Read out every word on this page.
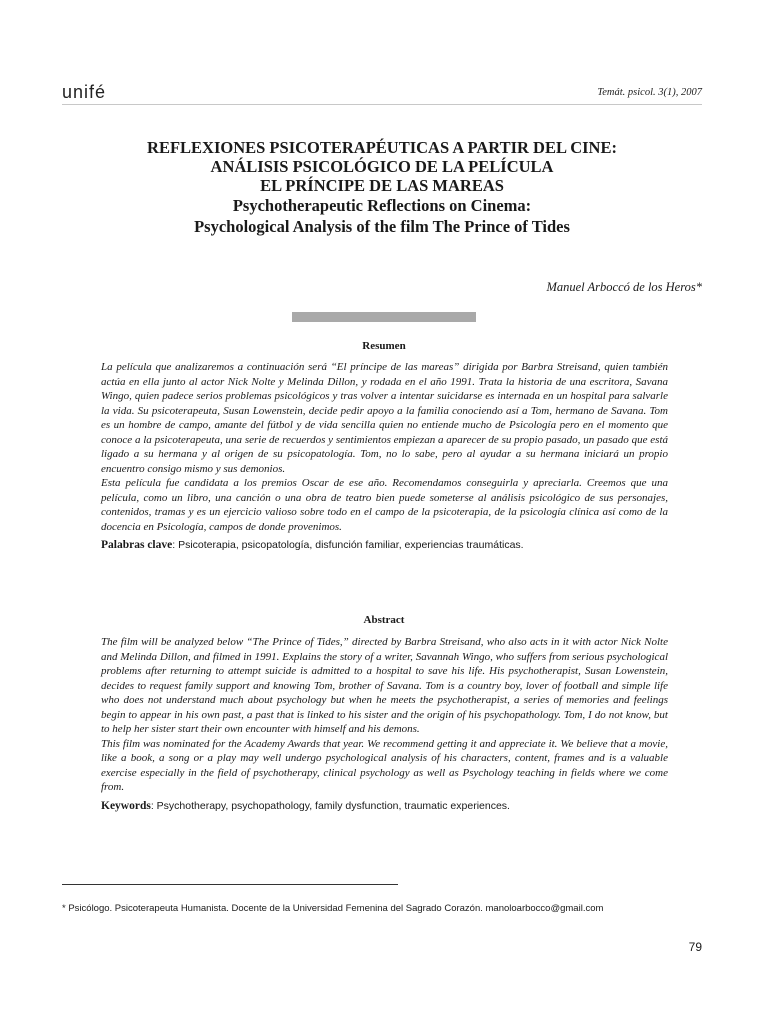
unifé	Temát. psicol. 3(1), 2007

REFLEXIONES PSICOTERAPÉUTICAS A PARTIR DEL CINE:

ANÁLISIS PSICOLÓGICO DE LA PELÍCULA

EL PRÍNCIPE DE LAS MAREAS

Psychotherapeutic Reflections on Cinema:

Psychological Analysis of the film The Prince of Tides

Manuel Arboccó de los Heros*
Resumen

La película que analizaremos a continuación será “El príncipe de las mareas” dirigida por Barbra Streisand, quien también actúa en ella junto al actor Nick Nolte y Melinda Dillon, y rodada en el año 1991. Trata la historia de una escritora, Savana Wingo, quien padece serios problemas psicológicos y tras volver a intentar suicidarse es internada en un hospital para salvarle la vida. Su psicoterapeuta, Susan Lowenstein, decide pedir apoyo a la familia conociendo así a Tom, hermano de Savana. Tom es un hombre de campo, amante del fútbol y de vida sencilla quien no entiende mucho de Psicología pero en el momento que conoce a la psicoterapeuta, una serie de recuerdos y sentimientos empiezan a aparecer de su propio pasado, un pasado que está ligado a su hermana y al origen de su psicopatología. Tom, no lo sabe, pero al ayudar a su hermana iniciará un propio encuentro consigo mismo y sus demonios.

Esta película fue candidata a los premios Oscar de ese año. Recomendamos conseguirla y apreciarla. Creemos que una película, como un libro, una canción o una obra de teatro bien puede someterse al análisis psicológico de sus personajes, contenidos, tramas y es un ejercicio valioso sobre todo en el campo de la psicoterapia, de la psicología clínica así como de la docencia en Psicología, campos de donde provenimos.

Palabras clave: Psicoterapia, psicopatología, disfunción familiar, experiencias traumáticas.
Abstract

The film will be analyzed below “The Prince of Tides,” directed by Barbra Streisand, who also acts in it with actor Nick Nolte and Melinda Dillon, and filmed in 1991. Explains the story of a writer, Savannah Wingo, who suffers from serious psychological problems after returning to attempt suicide is admitted to a hospital to save his life. His psychotherapist, Susan Lowenstein, decides to request family support and knowing Tom, brother of Savana. Tom is a country boy, lover of football and simple life who does not understand much about psychology but when he meets the psychotherapist, a series of memories and feelings begin to appear in his own past, a past that is linked to his sister and the origin of his psychopathology. Tom, I do not know, but to help her sister start their own encounter with himself and his demons.

This film was nominated for the Academy Awards that year. We recommend getting it and appreciate it. We believe that a movie, like a book, a song or a play may well undergo psychological analysis of his characters, content, frames and is a valuable exercise especially in the field of psychotherapy, clinical psychology as well as Psychology teaching in fields where we come from.

Keywords: Psychotherapy, psychopathology, family dysfunction, traumatic experiences.
* Psicólogo. Psicoterapeuta Humanista. Docente de la Universidad Femenina del Sagrado Corazón. manoloarbocco@gmail.com
79
